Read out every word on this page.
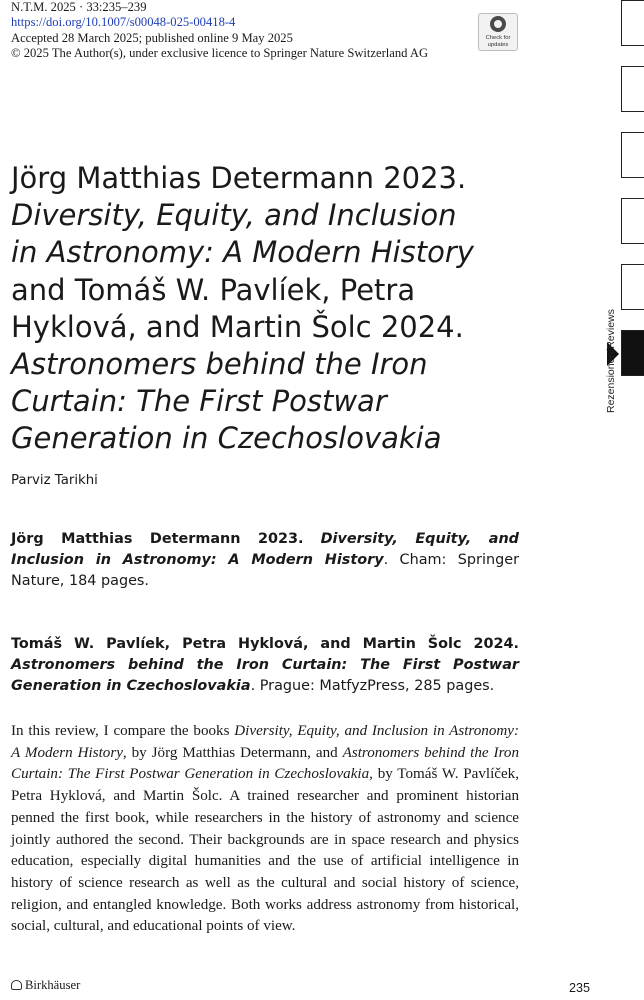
N.T.M. 2025 · 33:235–239
https://doi.org/10.1007/s00048-025-00418-4
Accepted 28 March 2025; published online 9 May 2025
© 2025 The Author(s), under exclusive licence to Springer Nature Switzerland AG
Check for
updates
Rezensionen/Reviews
Jörg Matthias Determann 2023.
Diversity, Equity, and Inclusion
in Astronomy: A Modern History
and Tomáš W. Pavlíek, Petra
Hyklová, and Martin Šolc 2024.
Astronomers behind the Iron
Curtain: The First Postwar
Generation in Czechoslovakia
Parviz Tarikhi

Jörg Matthias Determann 2023. Diversity, Equity, and Inclusion in Astronomy: A Modern History. Cham: Springer Nature, 184 pages.

Tomáš W. Pavlíek, Petra Hyklová, and Martin Šolc 2024. Astronomers behind the Iron Curtain: The First Postwar Generation in Czechoslovakia. Prague: MatfyzPress, 285 pages.

In this review, I compare the books Diversity, Equity, and Inclusion in Astronomy: A Modern History, by Jörg Matthias Determann, and Astronomers behind the Iron Curtain: The First Postwar Generation in Czechoslovakia, by Tomáš W. Pavlíček, Petra Hyklová, and Martin Šolc. A trained researcher and prominent historian penned the first book, while researchers in the history of astronomy and science jointly authored the second. Their backgrounds are in space research and physics education, especially digital humanities and the use of artificial intelligence in history of science research as well as the cultural and social history of science, religion, and entangled knowledge. Both works address astronomy from historical, social, cultural, and educational points of view.

Birkhäuser	235
